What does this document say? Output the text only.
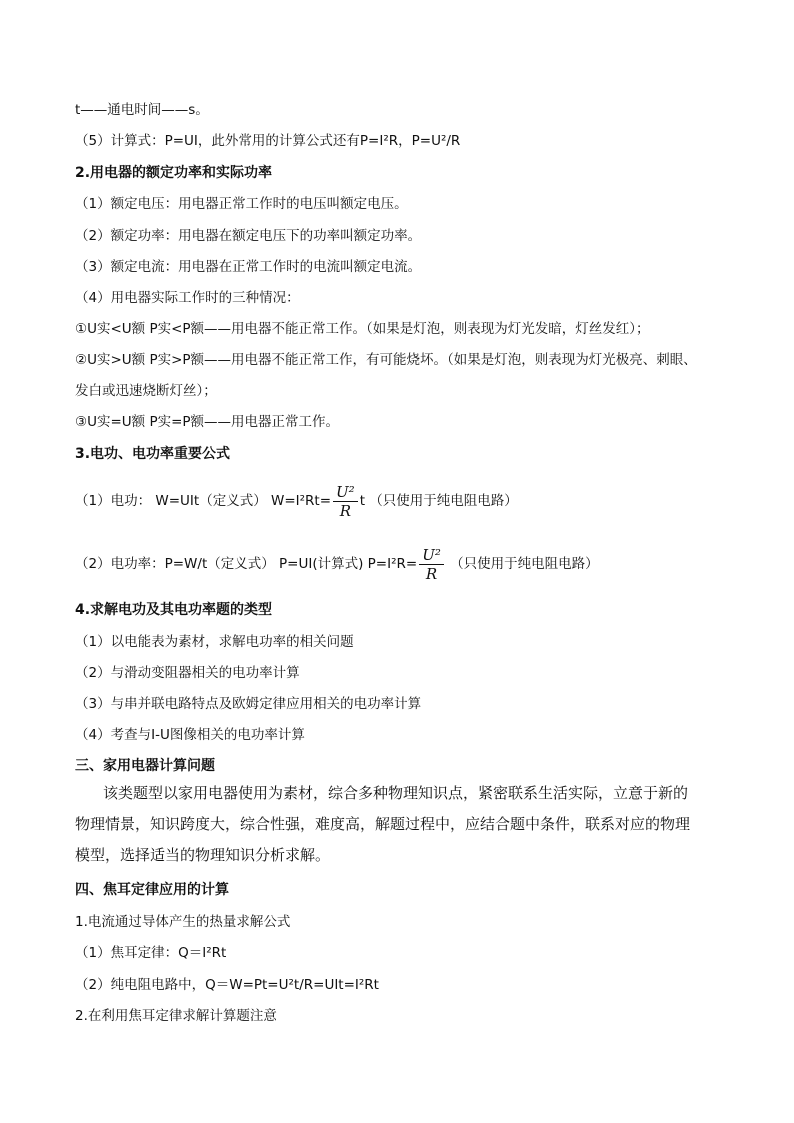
t——通电时间——s。
（5）计算式：P=UI，此外常用的计算公式还有P=I²R，P=U²/R
2.用电器的额定功率和实际功率
（1）额定电压：用电器正常工作时的电压叫额定电压。
（2）额定功率：用电器在额定电压下的功率叫额定功率。
（3）额定电流：用电器在正常工作时的电流叫额定电流。
（4）用电器实际工作时的三种情况：
①U实<U额 P实<P额——用电器不能正常工作。（如果是灯泡，则表现为灯光发暗，灯丝发红）；
②U实>U额 P实>P额——用电器不能正常工作，有可能烧坏。（如果是灯泡，则表现为灯光极亮、刺眼、
发白或迅速烧断灯丝）；
③U实=U额 P实=P额——用电器正常工作。
3.电功、电功率重要公式
（1）电功： W=UIt（定义式） $W=I^2Rt= \frac{\text{U²}}{R}$ t （只使用于纯电阻电路）
（2）电功率：P=W/t（定义式） P=UI(计算式) $P=I^2R= \frac{\text{U²}}{R}$ （只使用于纯电阻电路）
4.求解电功及其电功率题的类型
（1）以电能表为素材，求解电功率的相关问题
（2）与滑动变阻器相关的电功率计算
（3）与串并联电路特点及欧姆定律应用相关的电功率计算
（4）考查与I-U图像相关的电功率计算
三、家用电器计算问题
该类题型以家用电器使用为素材，综合多种物理知识点，紧密联系生活实际，立意于新的
物理情景，知识跨度大，综合性强，难度高，解题过程中，应结合题中条件，联系对应的物理
模型，选择适当的物理知识分析求解。
四、焦耳定律应用的计算
1.电流通过导体产生的热量求解公式
（1）焦耳定律：Q＝I²Rt
（2）纯电阻电路中，Q＝W=Pt=U²t/R=UIt=I²Rt
2.在利用焦耳定律求解计算题注意
